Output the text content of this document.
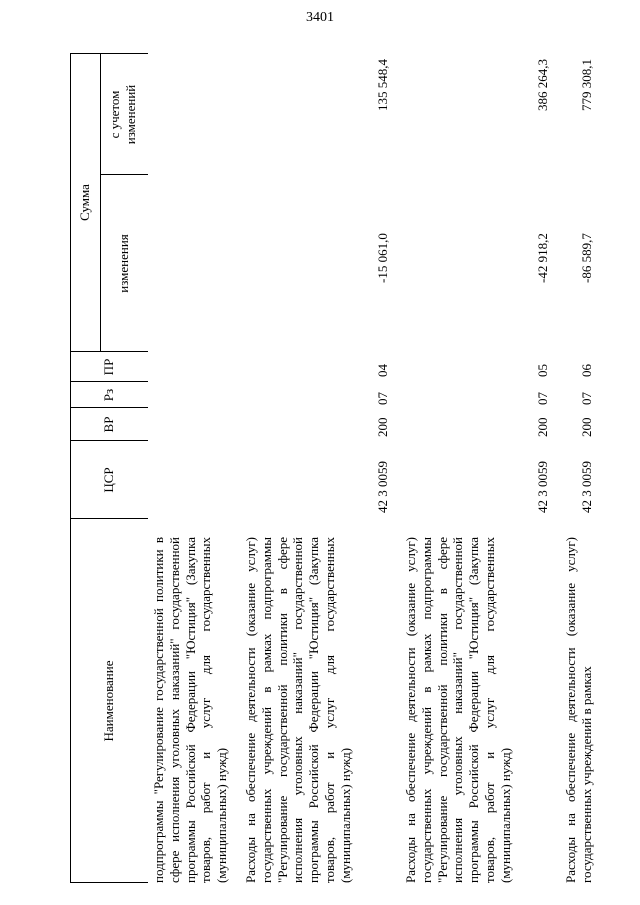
3401
Наименование
ЦСР
ВР
Рз
ПР
Сумма
изменения
с учетом изменений
подпрограммы "Регулирование государственной политики в сфере исполнения уголовных наказаний" государственной программы Российской Федерации "Юстиция" (Закупка товаров, работ и услуг для государственных (муниципальных) нужд) Расходы на обеспечение деятельности (оказание услуг) государственных учреждений в рамках подпрограммы "Регулирование государственной политики в сфере исполнения уголовных наказаний" государственной программы Российской Федерации "Юстиция" (Закупка товаров, работ и услуг для государственных (муниципальных) нужд)
42 3 0059
200
07
04
-15 061,0
135 548,4
Расходы на обеспечение деятельности (оказание услуг) государственных учреждений в рамках подпрограммы "Регулирование государственной политики в сфере исполнения уголовных наказаний" государственной программы Российской Федерации "Юстиция" (Закупка товаров, работ и услуг для государственных (муниципальных) нужд)
42 3 0059
200
07
05
-42 918,2
386 264,3
Расходы на обеспечение деятельности (оказание услуг) государственных учреждений в рамках
42 3 0059
200
07
06
-86 589,7
779 308,1
